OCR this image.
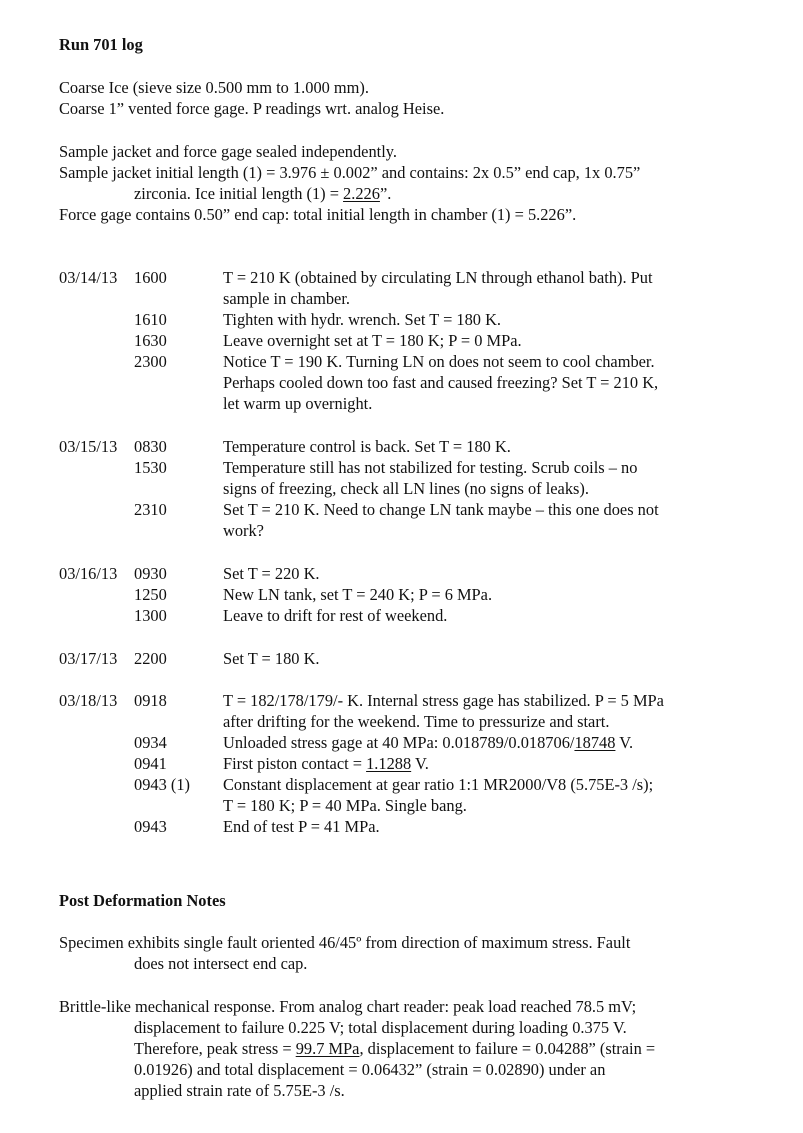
Run 701 log
Coarse Ice (sieve size 0.500 mm to 1.000 mm).
Coarse 1” vented force gage. P readings wrt. analog Heise.
Sample jacket and force gage sealed independently.
Sample jacket initial length (1) = 3.976 ± 0.002” and contains: 2x 0.5” end cap, 1x 0.75”
zirconia. Ice initial length (1) = 2.226”.
Force gage contains 0.50” end cap: total initial length in chamber (1) = 5.226”.
03/14/13 1600	T = 210 K (obtained by circulating LN through ethanol bath). Put
sample in chamber.
1610	Tighten with hydr. wrench. Set T = 180 K.
1630	Leave overnight set at T = 180 K; P = 0 MPa.
2300	Notice T = 190 K. Turning LN on does not seem to cool chamber.
Perhaps cooled down too fast and caused freezing? Set T = 210 K,
let warm up overnight.
03/15/13 0830	Temperature control is back. Set T = 180 K.
1530	Temperature still has not stabilized for testing. Scrub coils – no
signs of freezing, check all LN lines (no signs of leaks).
2310	Set T = 210 K. Need to change LN tank maybe – this one does not
work?
03/16/13 0930	Set T = 220 K.
1250	New LN tank, set T = 240 K; P = 6 MPa.
1300	Leave to drift for rest of weekend.
03/17/13 2200	Set T = 180 K.
03/18/13 0918	T = 182/178/179/- K. Internal stress gage has stabilized. P = 5 MPa
after drifting for the weekend. Time to pressurize and start.
0934	Unloaded stress gage at 40 MPa: 0.018789/0.018706/18748 V.
0941	First piston contact = 1.1288 V.
0943 (1) Constant displacement at gear ratio 1:1 MR2000/V8 (5.75E-3 /s);
T = 180 K; P = 40 MPa. Single bang.
0943	End of test P = 41 MPa.
Post Deformation Notes
Specimen exhibits single fault oriented 46/45º from direction of maximum stress. Fault
does not intersect end cap.
Brittle-like mechanical response. From analog chart reader: peak load reached 78.5 mV;
displacement to failure 0.225 V; total displacement during loading 0.375 V.
Therefore, peak stress = 99.7 MPa, displacement to failure = 0.04288” (strain =
0.01926) and total displacement = 0.06432” (strain = 0.02890) under an
applied strain rate of 5.75E-3 /s.
